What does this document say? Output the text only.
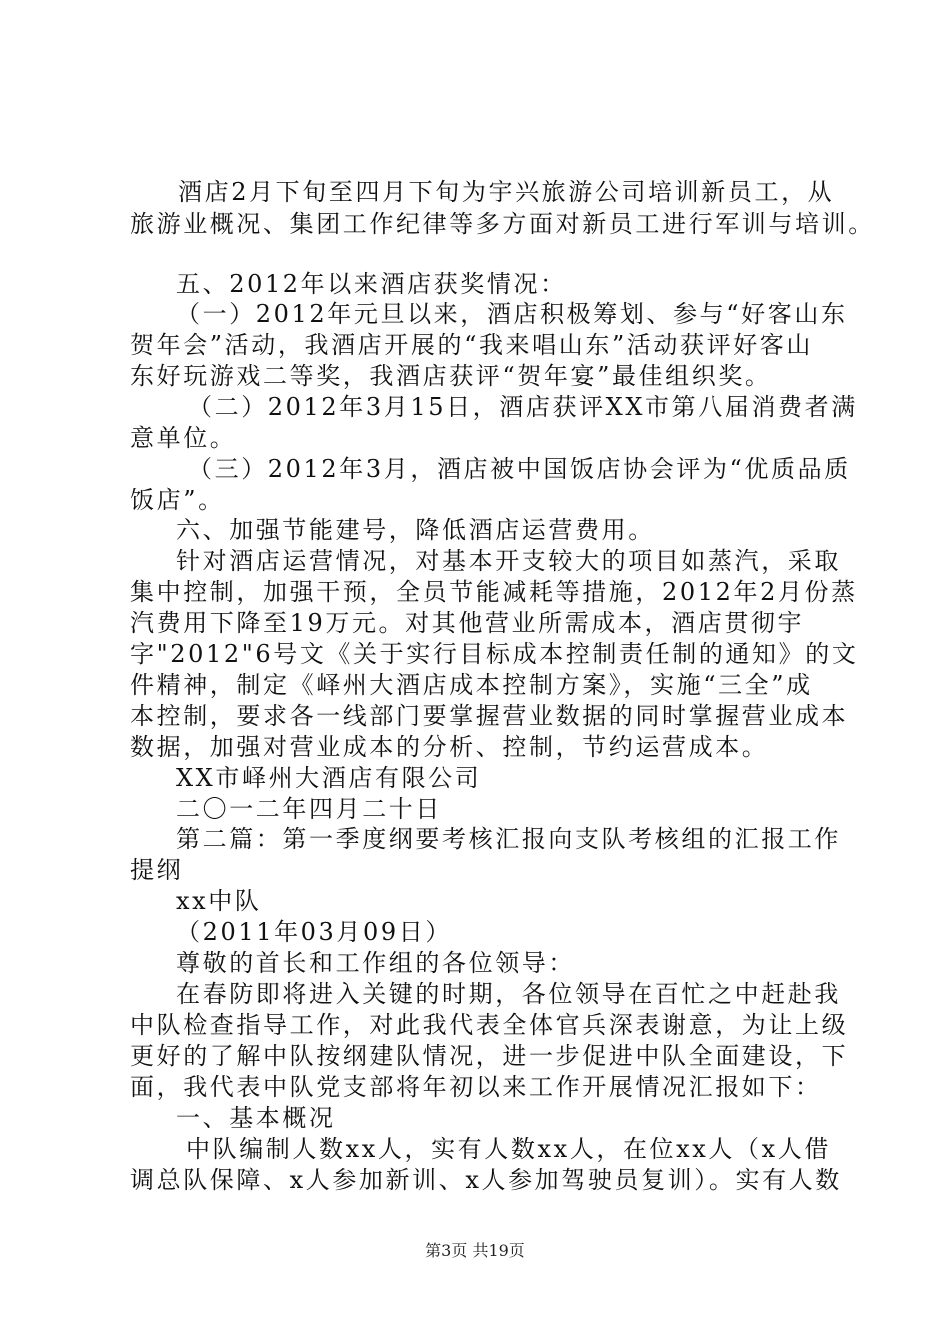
酒店2月下旬至四月下旬为宇兴旅游公司培训新员工，从
旅游业概况、集团工作纪律等多方面对新员工进行军训与培训。
五、2012年以来酒店获奖情况：
（一）2012年元旦以来，酒店积极筹划、参与“好客山东
贺年会”活动，我酒店开展的“我来唱山东”活动获评好客山
东好玩游戏二等奖，我酒店获评“贺年宴”最佳组织奖。
（二）2012年3月15日，酒店获评XX市第八届消费者满
意单位。
（三）2012年3月，酒店被中国饭店协会评为“优质品质
饭店”。
六、加强节能建号，降低酒店运营费用。
针对酒店运营情况，对基本开支较大的项目如蒸汽，采取
集中控制，加强干预，全员节能减耗等措施，2012年2月份蒸
汽费用下降至19万元。对其他营业所需成本，酒店贯彻宇
字"2012"6号文《关于实行目标成本控制责任制的通知》的文
件精神，制定《峄州大酒店成本控制方案》，实施“三全”成
本控制，要求各一线部门要掌握营业数据的同时掌握营业成本
数据，加强对营业成本的分析、控制，节约运营成本。
XX市峄州大酒店有限公司
二〇一二年四月二十日
第二篇：第一季度纲要考核汇报向支队考核组的汇报工作
提纲
xx中队
（2011年03月09日）
尊敬的首长和工作组的各位领导：
在春防即将进入关键的时期，各位领导在百忙之中赶赴我
中队检查指导工作，对此我代表全体官兵深表谢意，为让上级
更好的了解中队按纲建队情况，进一步促进中队全面建设，下
面，我代表中队党支部将年初以来工作开展情况汇报如下：
一、基本概况
中队编制人数xx人，实有人数xx人，在位xx人（x人借
调总队保障、x人参加新训、x人参加驾驶员复训）。实有人数
第3页 共19页
